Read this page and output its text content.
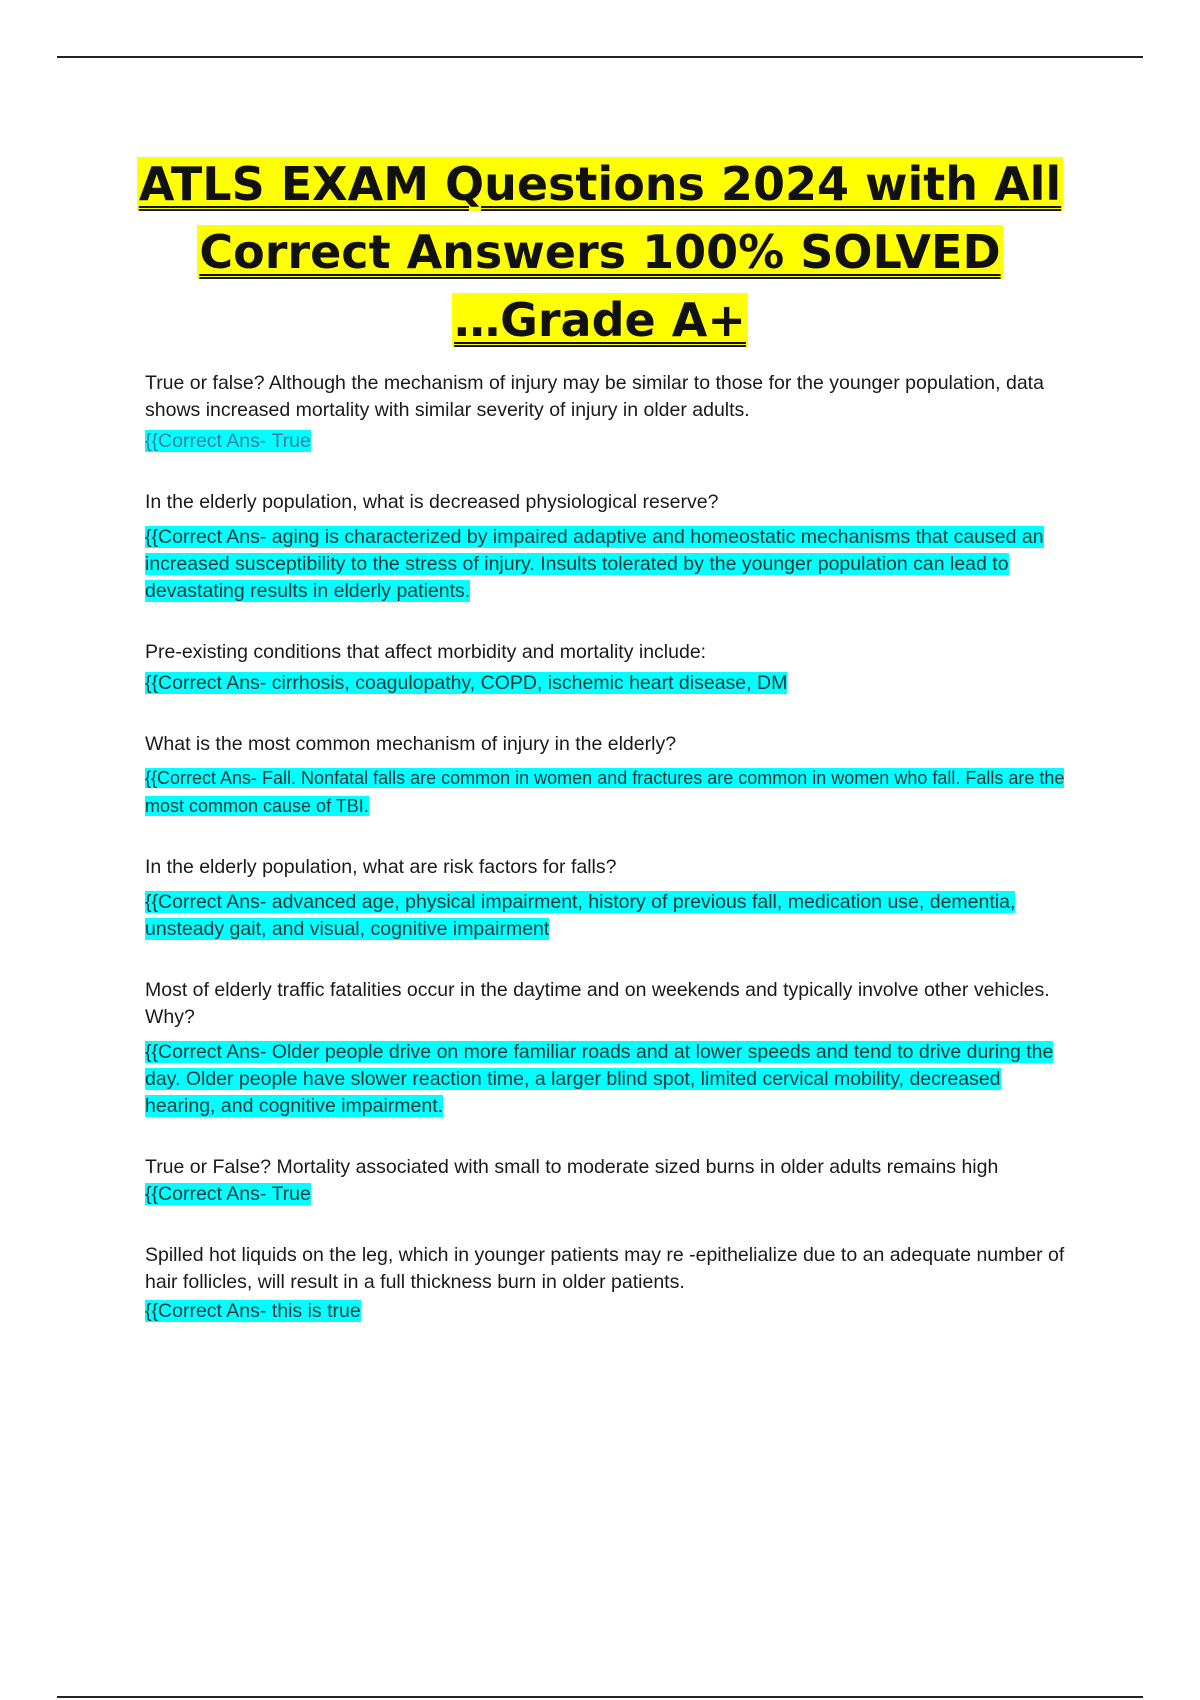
ATLS EXAM Questions 2024 with All
Correct Answers 100% SOLVED
…Grade A+

True or false? Although the mechanism of injury may be similar to those for the younger population, data shows increased mortality with similar severity of injury in older adults.

{{Correct Ans- True

In the elderly population, what is decreased physiological reserve?

{{Correct Ans- aging is characterized by impaired adaptive and homeostatic mechanisms that caused an increased susceptibility to the stress of injury. Insults tolerated by the younger population can lead to devastating results in elderly patients.

Pre-existing conditions that affect morbidity and mortality include:

{{Correct Ans- cirrhosis, coagulopathy, COPD, ischemic heart disease, DM

What is the most common mechanism of injury in the elderly?

{{Correct Ans- Fall. Nonfatal falls are common in women and fractures are common in women who fall. Falls are the most common cause of TBI.

In the elderly population, what are risk factors for falls?

{{Correct Ans- advanced age, physical impairment, history of previous fall, medication use, dementia, unsteady gait, and visual, cognitive impairment

Most of elderly traffic fatalities occur in the daytime and on weekends and typically involve other vehicles. Why?

{{Correct Ans- Older people drive on more familiar roads and at lower speeds and tend to drive during the day. Older people have slower reaction time, a larger blind spot, limited cervical mobility, decreased hearing, and cognitive impairment.

True or False? Mortality associated with small to moderate sized burns in older adults remains high {{Correct Ans- True

Spilled hot liquids on the leg, which in younger patients may re -epithelialize due to an adequate number of hair follicles, will result in a full thickness burn in older patients.

{{Correct Ans- this is true
